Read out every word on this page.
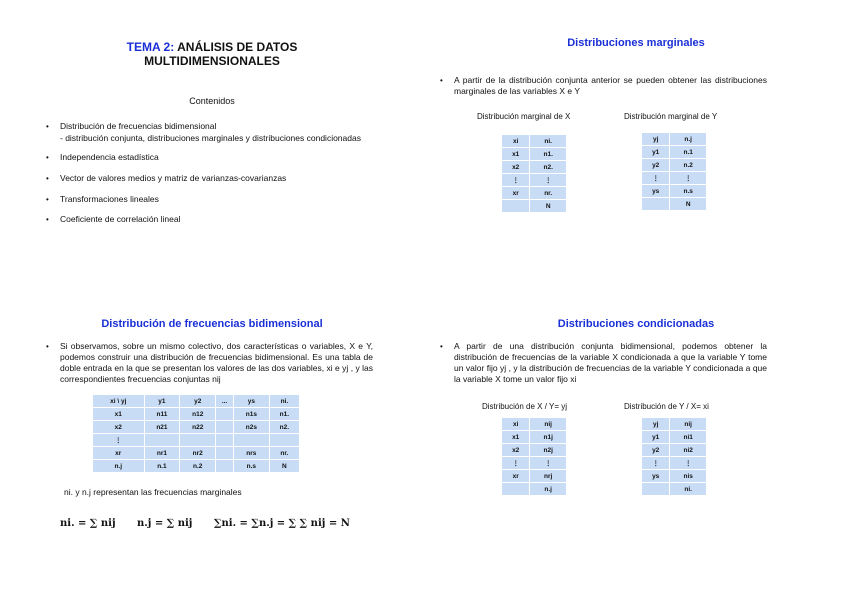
TEMA 2: ANÁLISIS DE DATOS
MULTIDIMENSIONALES
Contenidos
• Distribución de frecuencias bidimensional
- distribución conjunta, distribuciones marginales y distribuciones condicionadas
• Independencia estadística
• Vector de valores medios y matriz de varianzas-covarianzas
• Transformaciones lineales
• Coeficiente de correlación lineal
Distribuciones marginales
• A partir de la distribución conjunta anterior se pueden obtener las distribuciones marginales de las variables X e Y
Distribución marginal de X	Distribución marginal de Y
xi	ni.
x1	n1.
x2	n2.
⋮	⋮
xr	nr.
	N
yj	n.j
y1	n.1
y2	n.2
⋮	⋮
ys	n.s
	N
Distribución de frecuencias bidimensional
• Si observamos, sobre un mismo colectivo, dos características o variables, X e Y, podemos construir una distribución de frecuencias bidimensional. Es una tabla de doble entrada en la que se presentan los valores de las dos variables, xi e yj , y las correspondientes frecuencias conjuntas nij
xi \ yj	y1	y2	...	ys	ni.
x1	n11	n12		n1s	n1.
x2	n21	n22		n2s	n2.
⋮					
xr	nr1	nr2		nrs	nr.
n.j	n.1	n.2		n.s	N
ni. y n.j representan las frecuencias marginales
ni. = ∑ nij n.j = ∑ nij ∑ni. = ∑n.j = ∑ ∑ nij = N
Distribuciones condicionadas
• A partir de una distribución conjunta bidimensional, podemos obtener la distribución de frecuencias de la variable X condicionada a que la variable Y tome un valor fijo yj , y la distribución de frecuencias de la variable Y condicionada a que la variable X tome un valor fijo xi
Distribución de X / Y= yj	Distribución de Y / X= xi
xi	nij
x1	n1j
x2	n2j
⋮	⋮
xr	nrj
	n.j
yj	nij
y1	ni1
y2	ni2
⋮	⋮
ys	nis
	ni.
